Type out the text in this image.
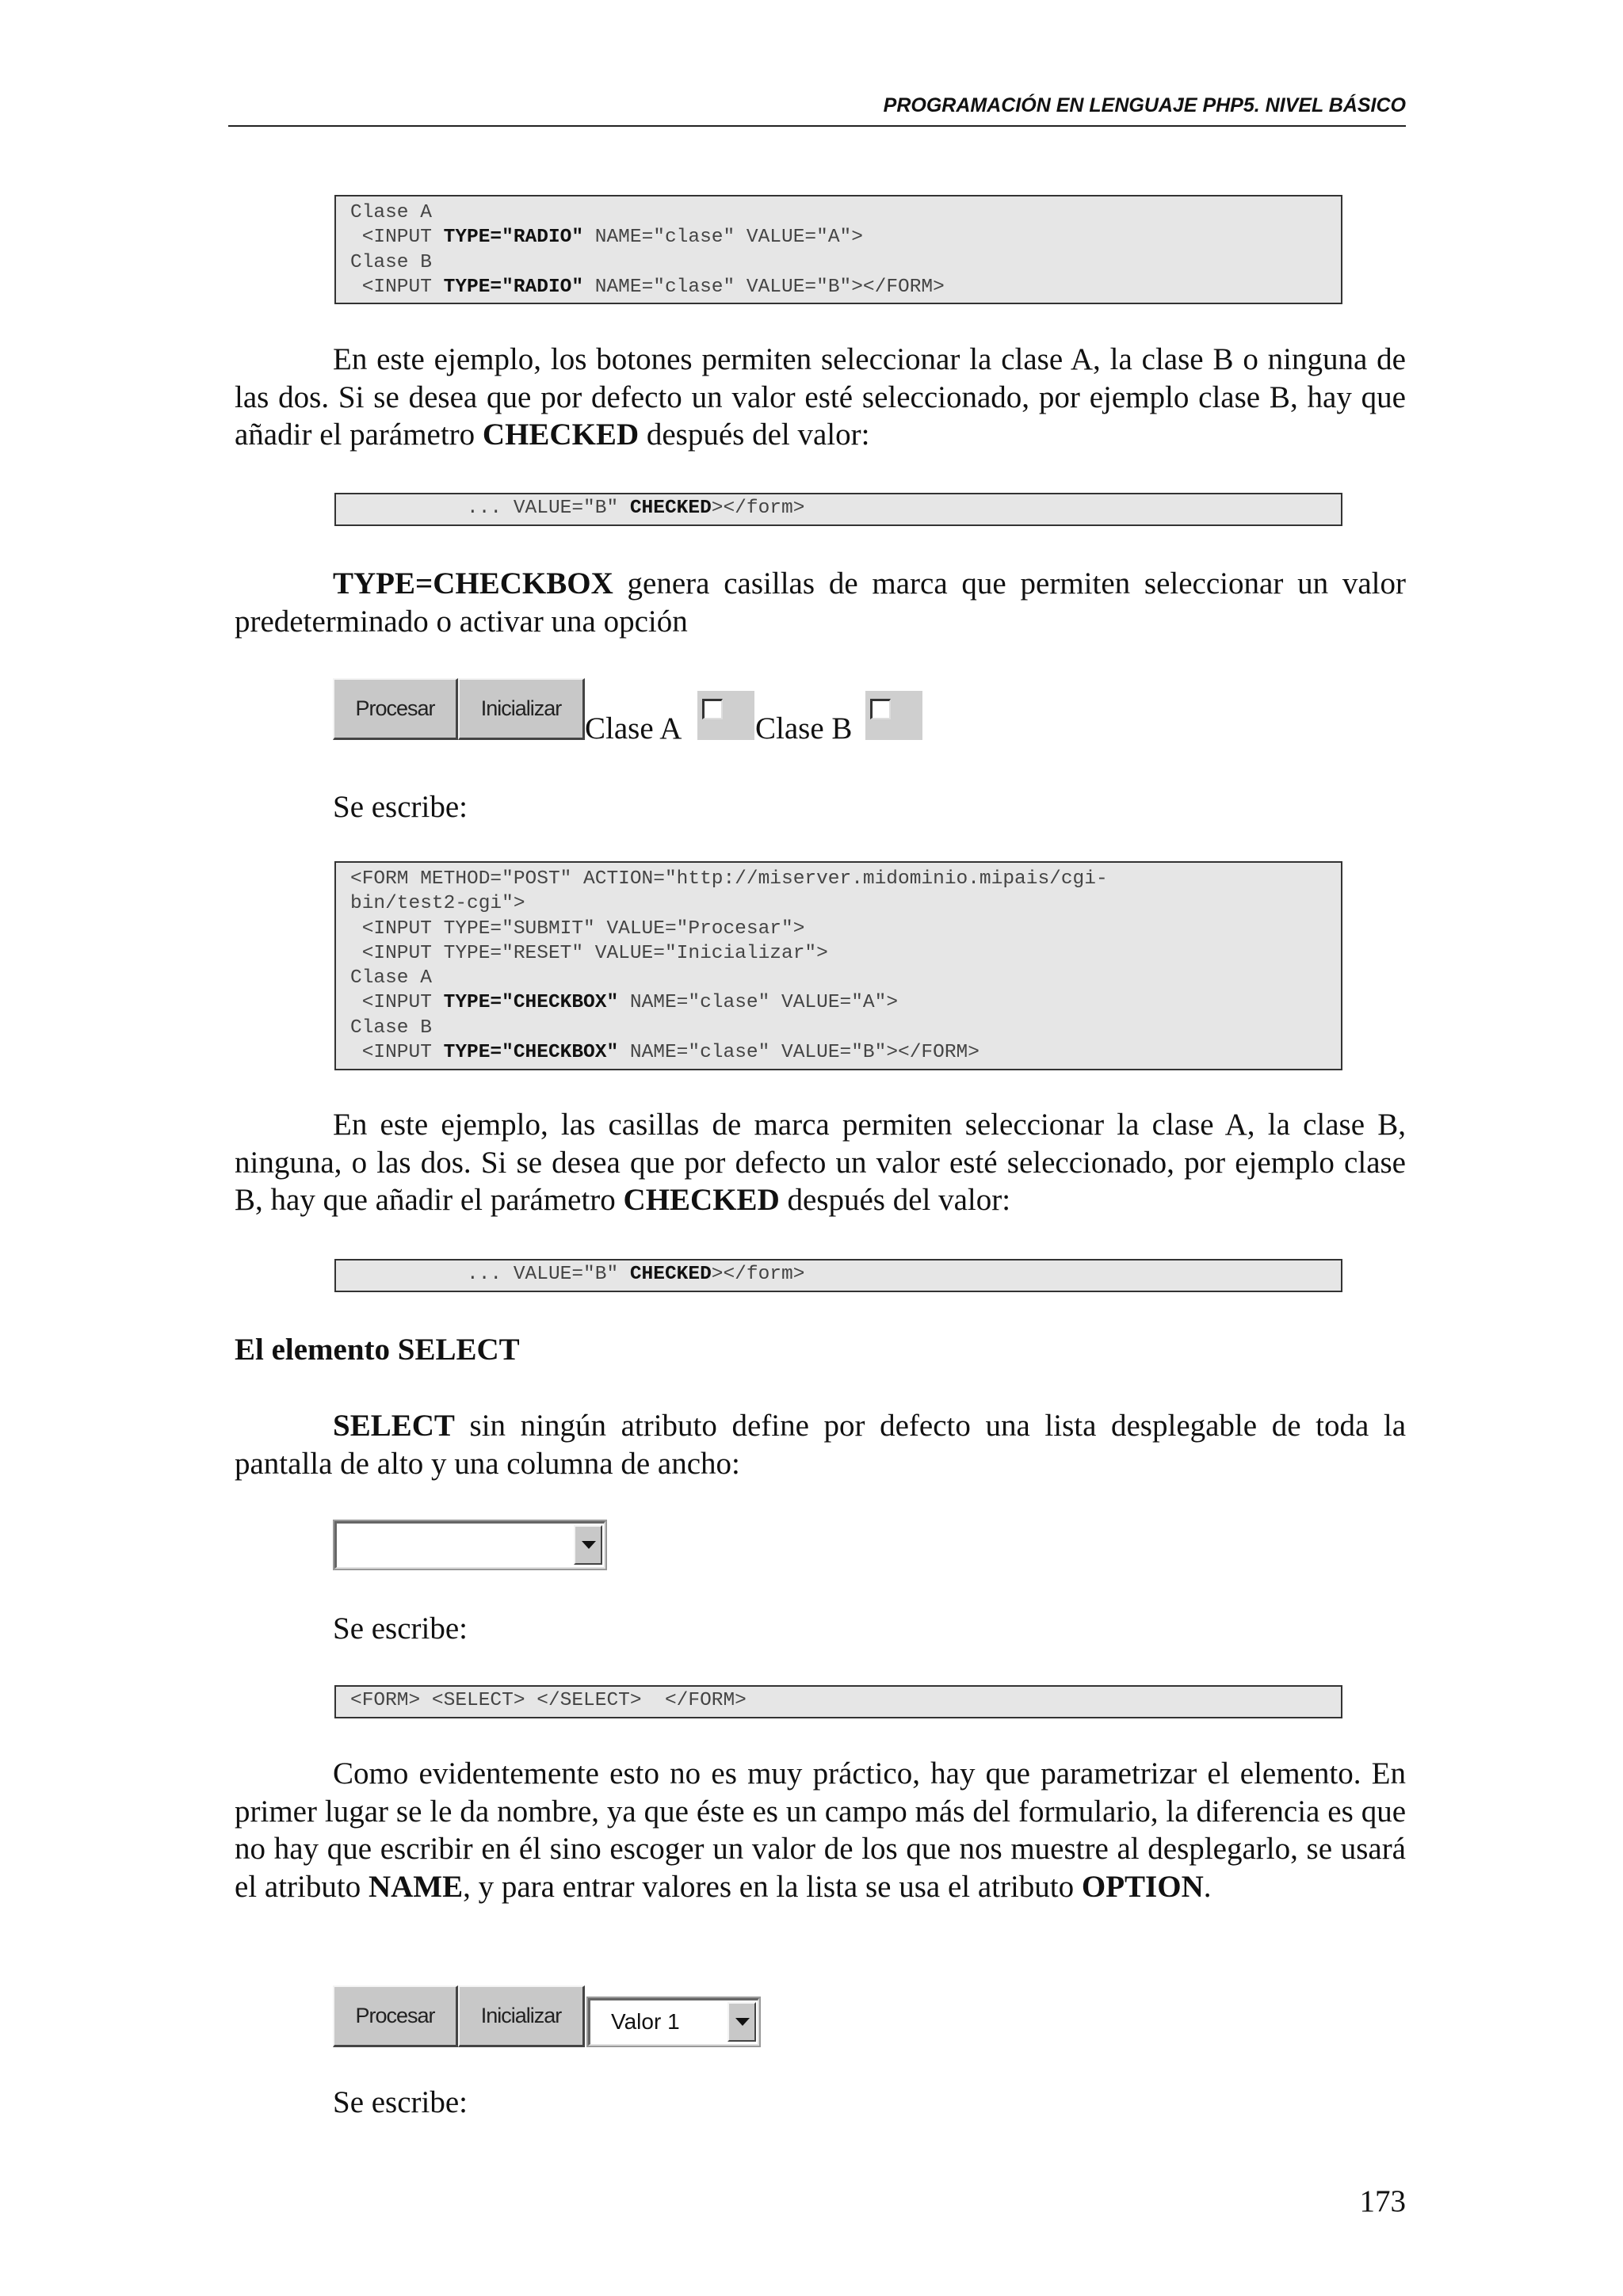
PROGRAMACIÓN EN LENGUAJE PHP5. NIVEL BÁSICO
Clase A
<INPUT TYPE="RADIO" NAME="clase" VALUE="A">
Clase B
<INPUT TYPE="RADIO" NAME="clase" VALUE="B"></FORM>

En este ejemplo, los botones permiten seleccionar la clase A, la clase B o ninguna de las dos. Si se desea que por defecto un valor esté seleccionado, por ejemplo clase B, hay que añadir el parámetro CHECKED después del valor:

... VALUE="B" CHECKED></form>

TYPE=CHECKBOX genera casillas de marca que permiten seleccionar un valor predeterminado o activar una opción

Procesar	Inicializar
Clase A Clase B
Se escribe:
<FORM METHOD="POST" ACTION="http://miserver.midominio.mipais/cgi-
bin/test2-cgi">
<INPUT TYPE="SUBMIT" VALUE="Procesar">
<INPUT TYPE="RESET" VALUE="Inicializar">
Clase A
<INPUT TYPE="CHECKBOX" NAME="clase" VALUE="A">
Clase B
<INPUT TYPE="CHECKBOX" NAME="clase" VALUE="B"></FORM>

En este ejemplo, las casillas de marca permiten seleccionar la clase A, la clase B, ninguna, o las dos. Si se desea que por defecto un valor esté seleccionado, por ejemplo clase B, hay que añadir el parámetro CHECKED después del valor:

... VALUE="B" CHECKED></form>
El elemento SELECT

SELECT sin ningún atributo define por defecto una lista desplegable de toda la pantalla de alto y una columna de ancho:

Se escribe:
<FORM> <SELECT> </SELECT>  </FORM>

Como evidentemente esto no es muy práctico, hay que parametrizar el elemento. En primer lugar se le da nombre, ya que éste es un campo más del formulario, la diferencia es que no hay que escribir en él sino escoger un valor de los que nos muestre al desplegarlo, se usará el atributo NAME, y para entrar valores en la lista se usa el atributo OPTION.

Procesar	Inicializar	Valor 1
Se escribe:
173
